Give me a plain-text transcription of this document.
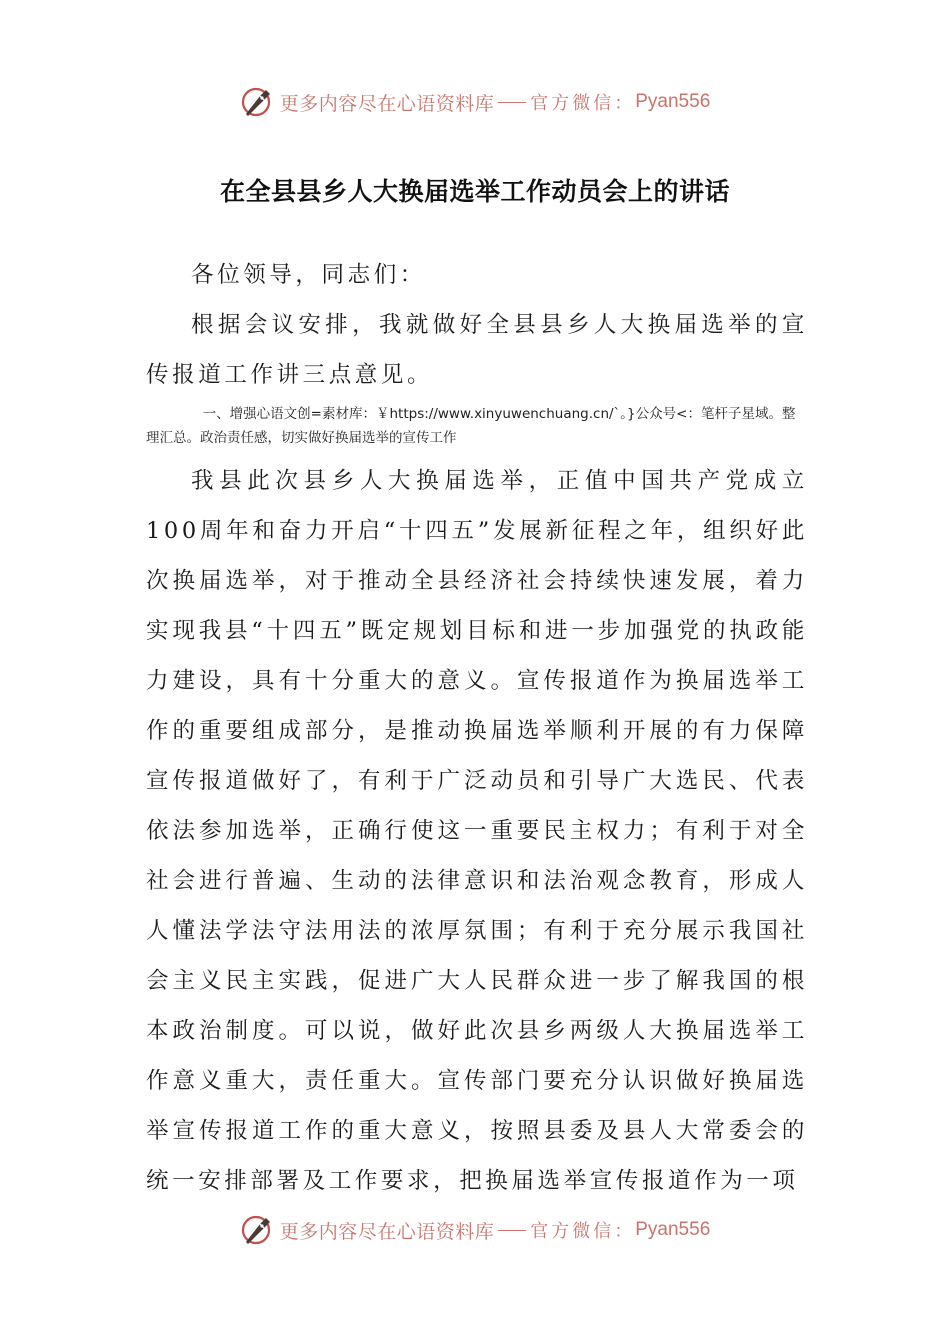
更多内容尽在心语资料库 官方微信： Pyan556
在全县县乡人大换届选举工作动员会上的讲话

各位领导，同志们：

根据会议安排，我就做好全县县乡人大换届选举的宣传报道工作讲三点意见。

一、增强心语文创=素材库：￥https://www.xinyuwenchuang.cn/`。}公众号<：笔杆子星域。整理汇总。政治责任感，切实做好换届选举的宣传工作

我县此次县乡人大换届选举，正值中国共产党成立100周年和奋力开启“十四五”发展新征程之年，组织好此次换届选举，对于推动全县经济社会持续快速发展，着力实现我县“十四五”既定规划目标和进一步加强党的执政能力建设，具有十分重大的意义。宣传报道作为换届选举工作的重要组成部分，是推动换届选举顺利开展的有力保障宣传报道做好了，有利于广泛动员和引导广大选民、代表依法参加选举，正确行使这一重要民主权力；有利于对全社会进行普遍、生动的法律意识和法治观念教育，形成人人懂法学法守法用法的浓厚氛围；有利于充分展示我国社会主义民主实践，促进广大人民群众进一步了解我国的根本政治制度。可以说，做好此次县乡两级人大换届选举工作意义重大，责任重大。宣传部门要充分认识做好换届选举宣传报道工作的重大意义，按照县委及县人大常委会的统一安排部署及工作要求，把换届选举宣传报道作为一项

更多内容尽在心语资料库 官方微信： Pyan556
